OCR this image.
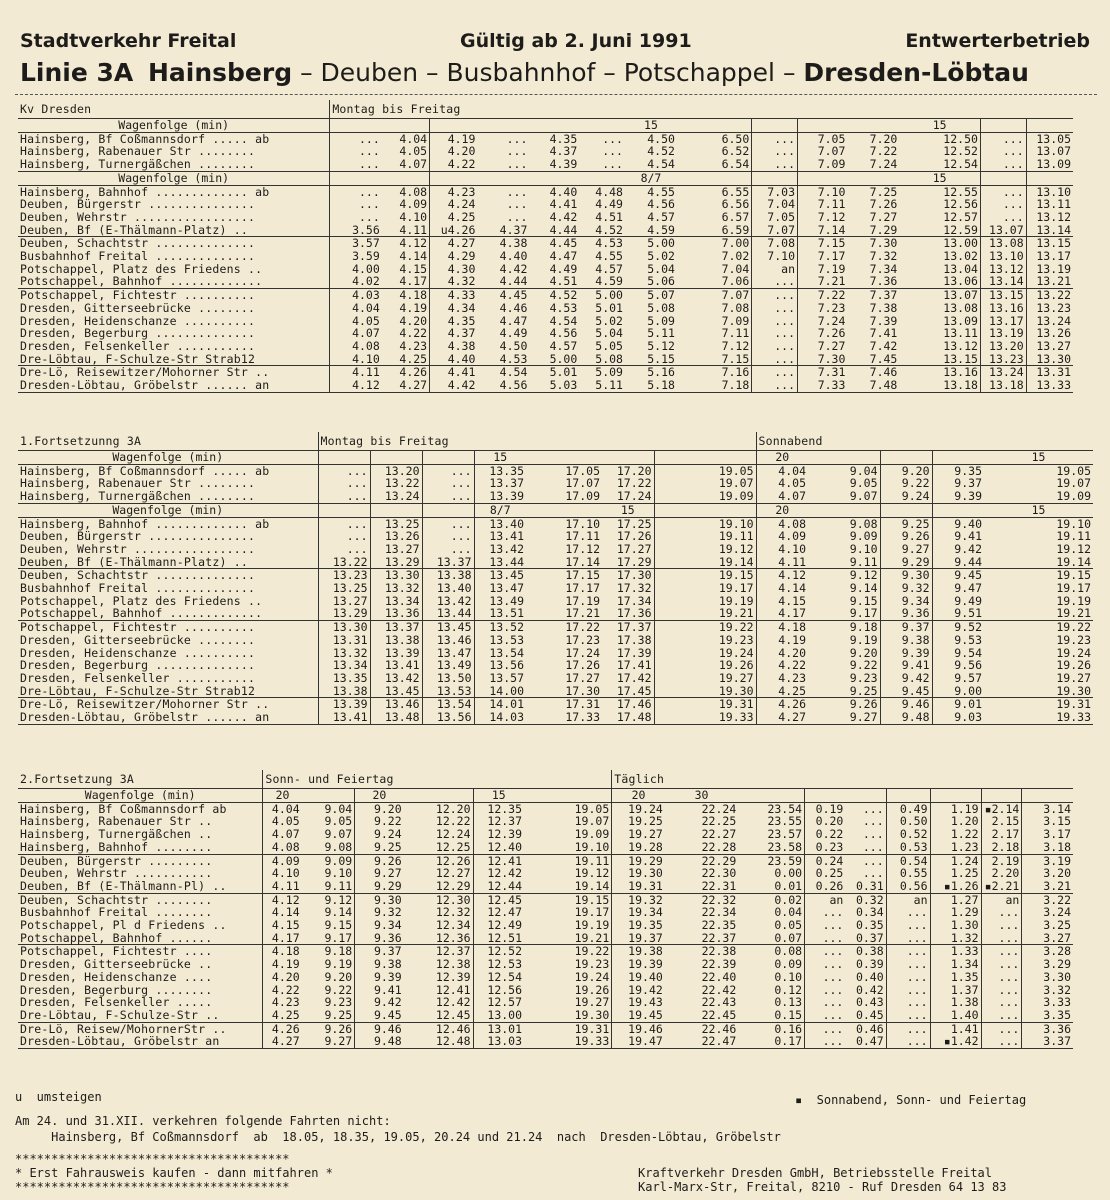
Stadtverkehr Freital	Gültig ab 2. Juni 1991	Entwerterbetrieb
Linie 3A Hainsberg – Deuben – Busbahnhof – Potschappel – Dresden-Löbtau
Kv Dresden	Montag bis Freitag													
Wagenfolge (min)							15					15		
Hainsberg, Bf Coßmannsdorf ..... ab	...	4.04	4.19	...	4.35	...	4.50	6.50	...	7.05	7.20	12.50	...	13.05
Hainsberg, Rabenauer Str ........	...	4.05	4.20	...	4.37	...	4.52	6.52	...	7.07	7.22	12.52	...	13.07
Hainsberg, Turnergäßchen ........	...	4.07	4.22	...	4.39	...	4.54	6.54	...	7.09	7.24	12.54	...	13.09
Wagenfolge (min)							8/7					15		
Hainsberg, Bahnhof ............. ab	...	4.08	4.23	...	4.40	4.48	4.55	6.55	7.03	7.10	7.25	12.55	...	13.10
Deuben, Bürgerstr ...............	...	4.09	4.24	...	4.41	4.49	4.56	6.56	7.04	7.11	7.26	12.56	...	13.11
Deuben, Wehrstr .................	...	4.10	4.25	...	4.42	4.51	4.57	6.57	7.05	7.12	7.27	12.57	...	13.12
Deuben, Bf (E-Thälmann-Platz) ..	3.56	4.11	u4.26	4.37	4.44	4.52	4.59	6.59	7.07	7.14	7.29	12.59	13.07	13.14
Deuben, Schachtstr ..............	3.57	4.12	4.27	4.38	4.45	4.53	5.00	7.00	7.08	7.15	7.30	13.00	13.08	13.15
Busbahnhof Freital ..............	3.59	4.14	4.29	4.40	4.47	4.55	5.02	7.02	7.10	7.17	7.32	13.02	13.10	13.17
Potschappel, Platz des Friedens ..	4.00	4.15	4.30	4.42	4.49	4.57	5.04	7.04	an	7.19	7.34	13.04	13.12	13.19
Potschappel, Bahnhof .............	4.02	4.17	4.32	4.44	4.51	4.59	5.06	7.06	...	7.21	7.36	13.06	13.14	13.21
Potschappel, Fichtestr ..........	4.03	4.18	4.33	4.45	4.52	5.00	5.07	7.07	...	7.22	7.37	13.07	13.15	13.22
Dresden, Gitterseebrücke ........	4.04	4.19	4.34	4.46	4.53	5.01	5.08	7.08	...	7.23	7.38	13.08	13.16	13.23
Dresden, Heidenschanze ..........	4.05	4.20	4.35	4.47	4.54	5.02	5.09	7.09	...	7.24	7.39	13.09	13.17	13.24
Dresden, Begerburg ..............	4.07	4.22	4.37	4.49	4.56	5.04	5.11	7.11	...	7.26	7.41	13.11	13.19	13.26
Dresden, Felsenkeller ...........	4.08	4.23	4.38	4.50	4.57	5.05	5.12	7.12	...	7.27	7.42	13.12	13.20	13.27
Dre-Löbtau, F-Schulze-Str Strab12	4.10	4.25	4.40	4.53	5.00	5.08	5.15	7.15	...	7.30	7.45	13.15	13.23	13.30
Dre-Lö, Reisewitzer/Mohorner Str ..	4.11	4.26	4.41	4.54	5.01	5.09	5.16	7.16	...	7.31	7.46	13.16	13.24	13.31
Dresden-Löbtau, Gröbelstr ...... an	4.12	4.27	4.42	4.56	5.03	5.11	5.18	7.18	...	7.33	7.48	13.18	13.18	13.33
1.Fortsetzunng 3A	Montag bis Freitag							Sonnabend				
Wagenfolge (min)				15				20				15
Hainsberg, Bf Coßmannsdorf ..... ab	...	13.20	...	13.35	17.05	17.20	19.05	4.04	9.04	9.20	9.35	19.05
Hainsberg, Rabenauer Str ........	...	13.22	...	13.37	17.07	17.22	19.07	4.05	9.05	9.22	9.37	19.07
Hainsberg, Turnergäßchen ........	...	13.24	...	13.39	17.09	17.24	19.09	4.07	9.07	9.24	9.39	19.09
Wagenfolge (min)				8/7		15		20				15
Hainsberg, Bahnhof ............. ab	...	13.25	...	13.40	17.10	17.25	19.10	4.08	9.08	9.25	9.40	19.10
Deuben, Bürgerstr ...............	...	13.26	...	13.41	17.11	17.26	19.11	4.09	9.09	9.26	9.41	19.11
Deuben, Wehrstr .................	...	13.27	...	13.42	17.12	17.27	19.12	4.10	9.10	9.27	9.42	19.12
Deuben, Bf (E-Thälmann-Platz) ..	13.22	13.29	13.37	13.44	17.14	17.29	19.14	4.11	9.11	9.29	9.44	19.14
Deuben, Schachtstr ..............	13.23	13.30	13.38	13.45	17.15	17.30	19.15	4.12	9.12	9.30	9.45	19.15
Busbahnhof Freital ..............	13.25	13.32	13.40	13.47	17.17	17.32	19.17	4.14	9.14	9.32	9.47	19.17
Potschappel, Platz des Friedens ..	13.27	13.34	13.42	13.49	17.19	17.34	19.19	4.15	9.15	9.34	9.49	19.19
Potschappel, Bahnhof .............	13.29	13.36	13.44	13.51	17.21	17.36	19.21	4.17	9.17	9.36	9.51	19.21
Potschappel, Fichtestr ..........	13.30	13.37	13.45	13.52	17.22	17.37	19.22	4.18	9.18	9.37	9.52	19.22
Dresden, Gitterseebrücke ........	13.31	13.38	13.46	13.53	17.23	17.38	19.23	4.19	9.19	9.38	9.53	19.23
Dresden, Heidenschanze ..........	13.32	13.39	13.47	13.54	17.24	17.39	19.24	4.20	9.20	9.39	9.54	19.24
Dresden, Begerburg ..............	13.34	13.41	13.49	13.56	17.26	17.41	19.26	4.22	9.22	9.41	9.56	19.26
Dresden, Felsenkeller ...........	13.35	13.42	13.50	13.57	17.27	17.42	19.27	4.23	9.23	9.42	9.57	19.27
Dre-Löbtau, F-Schulze-Str Strab12	13.38	13.45	13.53	14.00	17.30	17.45	19.30	4.25	9.25	9.45	9.00	19.30
Dre-Lö, Reisewitzer/Mohorner Str ..	13.39	13.46	13.54	14.01	17.31	17.46	19.31	4.26	9.26	9.46	9.01	19.31
Dresden-Löbtau, Gröbelstr ...... an	13.41	13.48	13.56	14.03	17.33	17.48	19.33	4.27	9.27	9.48	9.03	19.33
2.Fortsetzung 3A	Sonn- und Feiertag						Täglich								
Wagenfolge (min)	20		20		15		20	30							
Hainsberg, Bf Coßmannsdorf ab	4.04	9.04	9.20	12.20	12.35	19.05	19.24	22.24	23.54	0.19	...	0.49	1.19	▪2.14	3.14
Hainsberg, Rabenauer Str ..	4.05	9.05	9.22	12.22	12.37	19.07	19.25	22.25	23.55	0.20	...	0.50	1.20	2.15	3.15
Hainsberg, Turnergäßchen ..	4.07	9.07	9.24	12.24	12.39	19.09	19.27	22.27	23.57	0.22	...	0.52	1.22	2.17	3.17
Hainsberg, Bahnhof ........	4.08	9.08	9.25	12.25	12.40	19.10	19.28	22.28	23.58	0.23	...	0.53	1.23	2.18	3.18
Deuben, Bürgerstr .........	4.09	9.09	9.26	12.26	12.41	19.11	19.29	22.29	23.59	0.24	...	0.54	1.24	2.19	3.19
Deuben, Wehrstr ...........	4.10	9.10	9.27	12.27	12.42	19.12	19.30	22.30	0.00	0.25	...	0.55	1.25	2.20	3.20
Deuben, Bf (E-Thälmann-Pl) ..	4.11	9.11	9.29	12.29	12.44	19.14	19.31	22.31	0.01	0.26	0.31	0.56	▪1.26	▪2.21	3.21
Deuben, Schachtstr ........	4.12	9.12	9.30	12.30	12.45	19.15	19.32	22.32	0.02	an	0.32	an	1.27	an	3.22
Busbahnhof Freital ........	4.14	9.14	9.32	12.32	12.47	19.17	19.34	22.34	0.04	...	0.34	...	1.29	...	3.24
Potschappel, Pl d Friedens ..	4.15	9.15	9.34	12.34	12.49	19.19	19.35	22.35	0.05	...	0.35	...	1.30	...	3.25
Potschappel, Bahnhof ......	4.17	9.17	9.36	12.36	12.51	19.21	19.37	22.37	0.07	...	0.37	...	1.32	...	3.27
Potschappel, Fichtestr ....	4.18	9.18	9.37	12.37	12.52	19.22	19.38	22.38	0.08	...	0.38	...	1.33	...	3.28
Dresden, Gitterseebrücke ..	4.19	9.19	9.38	12.38	12.53	19.23	19.39	22.39	0.09	...	0.39	...	1.34	...	3.29
Dresden, Heidenschanze ....	4.20	9.20	9.39	12.39	12.54	19.24	19.40	22.40	0.10	...	0.40	...	1.35	...	3.30
Dresden, Begerburg ........	4.22	9.22	9.41	12.41	12.56	19.26	19.42	22.42	0.12	...	0.42	...	1.37	...	3.32
Dresden, Felsenkeller .....	4.23	9.23	9.42	12.42	12.57	19.27	19.43	22.43	0.13	...	0.43	...	1.38	...	3.33
Dre-Löbtau, F-Schulze-Str ..	4.25	9.25	9.45	12.45	13.00	19.30	19.45	22.45	0.15	...	0.45	...	1.40	...	3.35
Dre-Lö, Reisew/MohornerStr ..	4.26	9.26	9.46	12.46	13.01	19.31	19.46	22.46	0.16	...	0.46	...	1.41	...	3.36
Dresden-Löbtau, Gröbelstr an	4.27	9.27	9.48	12.48	13.03	19.33	19.47	22.47	0.17	...	0.47	...	▪1.42	...	3.37
u  umsteigen	▪  Sonnabend, Sonn- und Feiertag
Am 24. und 31.XII. verkehren folgende Fahrten nicht:
Hainsberg, Bf Coßmannsdorf  ab  18.05, 18.35, 19.05, 20.24 und 21.24  nach  Dresden-Löbtau, Gröbelstr
**************************************
* Erst Fahrausweis kaufen - dann mitfahren *
**************************************
Kraftverkehr Dresden GmbH, Betriebsstelle Freital
Karl-Marx-Str, Freital, 8210 - Ruf Dresden 64 13 83
